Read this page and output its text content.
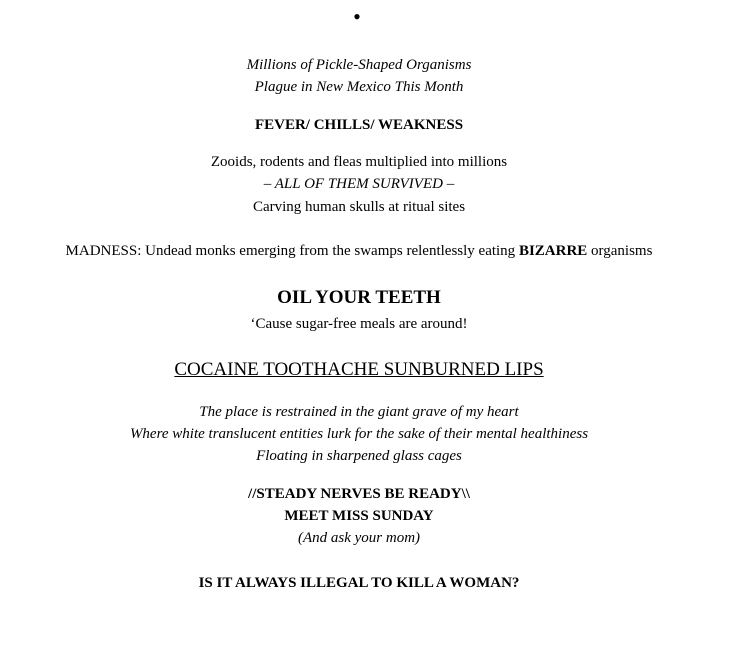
•
Millions of Pickle-Shaped Organisms
Plague in New Mexico This Month
FEVER/ CHILLS/ WEAKNESS
Zooids, rodents and fleas multiplied into millions
– ALL OF THEM SURVIVED –
Carving human skulls at ritual sites
MADNESS: Undead monks emerging from the swamps relentlessly eating BIZARRE organisms
OIL YOUR TEETH
‘Cause sugar-free meals are around!
COCAINE TOOTHACHE SUNBURNED LIPS
The place is restrained in the giant grave of my heart
Where white translucent entities lurk for the sake of their mental healthiness
Floating in sharpened glass cages
//STEADY NERVES BE READY\\
MEET MISS SUNDAY
(And ask your mom)
IS IT ALWAYS ILLEGAL TO KILL A WOMAN?
